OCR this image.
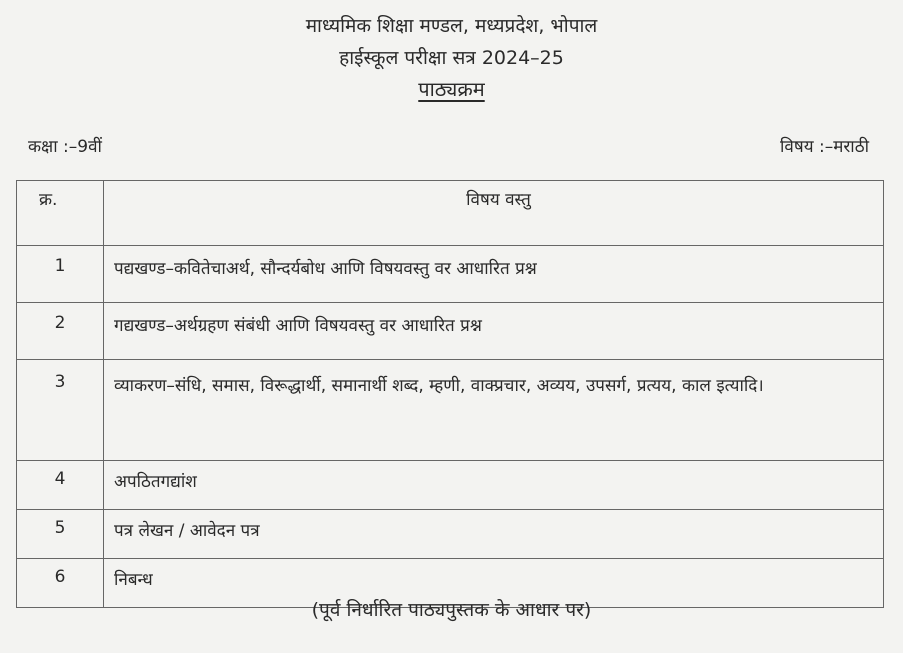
माध्यमिक शिक्षा मण्डल, मध्यप्रदेश, भोपाल
हाईस्कूल परीक्षा सत्र 2024–25
पाठ्यक्रम
कक्षा :–9वीं	विषय :–मराठी
क्र.	विषय वस्तु
1	पद्यखण्ड–कवितेचाअर्थ, सौन्दर्यबोध आणि विषयवस्तु वर आधारित प्रश्न
2	गद्यखण्ड–अर्थग्रहण संबंधी आणि विषयवस्तु वर आधारित प्रश्न
3	व्याकरण–संधि, समास, विरूद्धार्थी, समानार्थी शब्द, म्हणी, वाक्प्रचार, अव्यय, उपसर्ग, प्रत्यय, काल इत्यादि।
4	अपठितगद्यांश
5	पत्र लेखन / आवेदन पत्र
6	निबन्ध
(पूर्व निर्धारित पाठ्यपुस्तक के आधार पर)
